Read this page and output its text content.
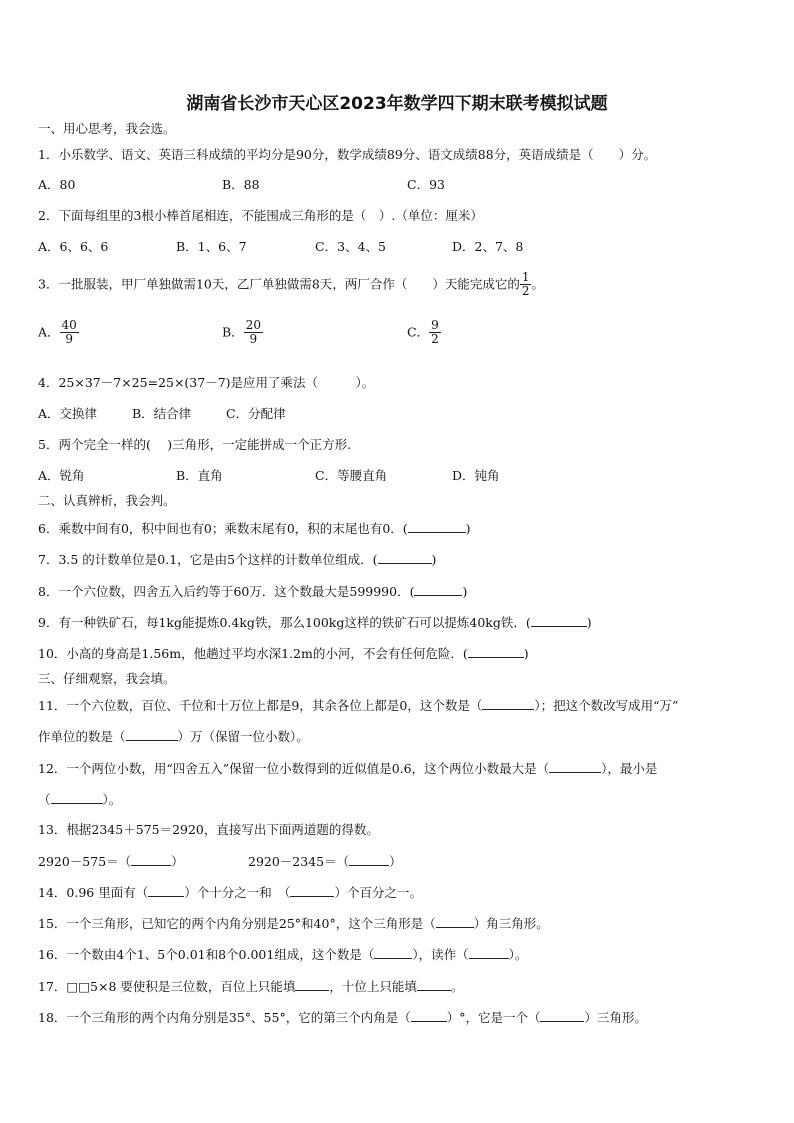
湖南省长沙市天心区2023年数学四下期末联考模拟试题
一、用心思考，我会选。
1．小乐数学、语文、英语三科成绩的平均分是90分，数学成绩89分、语文成绩88分，英语成绩是（　　）分。
A．80	B．88	C．93
2．下面每组里的3根小棒首尾相连，不能围成三角形的是（　）.（单位：厘米）
A．6、6、6	B．1、6、7	C．3、4、5	D．2、7、8
3．一批服装，甲厂单独做需10天，乙厂单独做需8天，两厂合作（　　）天能完成它的 $\frac{1}{2}$ 。
A． $\frac{40}{9}$	B． $\frac{20}{9}$	C． $\frac{9}{2}$
4．25×37－7×25=25×(37－7)是应用了乘法（　　　）。
A．交换律	B．结合律	C．分配律
5．两个完全一样的(　 )三角形，一定能拼成一个正方形.
A．锐角	B．直角	C．等腰直角	D．钝角
二、认真辨析，我会判。
6．乘数中间有0，积中间也有0；乘数末尾有0，积的末尾也有0．(	)
7．3.5 的计数单位是0.1，它是由5个这样的计数单位组成．(	)
8．一个六位数，四舍五入后约等于60万．这个数最大是599990．(	)
9．有一种铁矿石，每1kg能提炼0.4kg铁，那么100kg这样的铁矿石可以提炼40kg铁．(	)
10．小高的身高是1.56m，他趟过平均水深1.2m的小河，不会有任何危险．(	)
三、仔细观察，我会填。
11．一个六位数，百位、千位和十万位上都是9，其余各位上都是0，这个数是（	）；把这个数改写成用“万”
作单位的数是（	）万（保留一位小数）。
12．一个两位小数，用“四舍五入”保留一位小数得到的近似值是0.6，这个两位小数最大是（	），最小是
（	）。
13．根据2345＋575＝2920，直接写出下面两道题的得数。
2920－575＝（	）	2920－2345＝（	）
14．0.96 里面有（	）个十分之一和　（	）个百分之一。
15．一个三角形，已知它的两个内角分别是25°和40°，这个三角形是（	）角三角形。
16．一个数由4个1、5个0.01和8个0.001组成，这个数是（	），读作（	）。
17．□□5×8 要使积是三位数，百位上只能填	，十位上只能填	。
18．一个三角形的两个内角分别是35°、55°，它的第三个内角是（	）°，它是一个（	）三角形。
